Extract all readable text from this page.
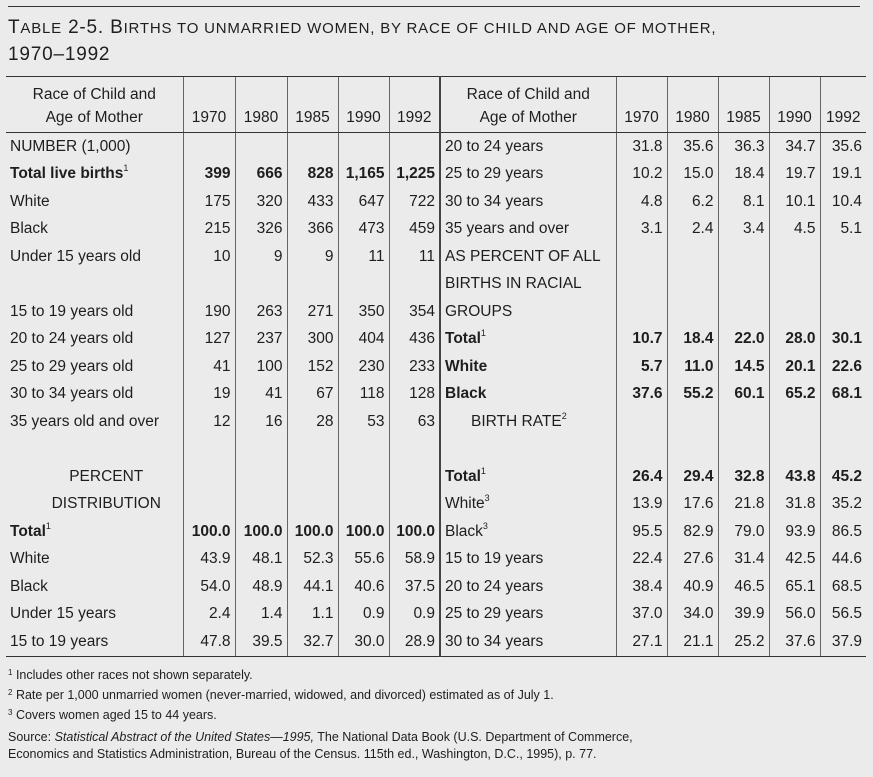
TABLE 2-5. BIRTHS TO UNMARRIED WOMEN, BY RACE OF CHILD AND AGE OF MOTHER,
1970–1992
Race of Child and
Age of Mother	1970	1980	1985	1990	1992	Race of Child and
Age of Mother	1970	1980	1985	1990	1992
NUMBER (1,000)						20 to 24 years	31.8	35.6	36.3	34.7	35.6
Total live births$^1$	399	666	828	1,165	1,225	25 to 29 years	10.2	15.0	18.4	19.7	19.1
White	175	320	433	647	722	30 to 34 years	4.8	6.2	8.1	10.1	10.4
Black	215	326	366	473	459	35 years and over	3.1	2.4	3.4	4.5	5.1
Under 15 years old	10	9	9	11	11	AS PERCENT OF ALL					
						BIRTHS IN RACIAL					
15 to 19 years old	190	263	271	350	354	GROUPS					
20 to 24 years old	127	237	300	404	436	Total$^1$	10.7	18.4	22.0	28.0	30.1
25 to 29 years old	41	100	152	230	233	White	5.7	11.0	14.5	20.1	22.6
30 to 34 years old	19	41	67	118	128	Black	37.6	55.2	60.1	65.2	68.1
35 years old and over	12	16	28	53	63	BIRTH RATE$^2$					

PERCENT						Total$^1$	26.4	29.4	32.8	43.8	45.2
DISTRIBUTION						White$^3$	13.9	17.6	21.8	31.8	35.2
Total$^1$	100.0	100.0	100.0	100.0	100.0	Black$^3$	95.5	82.9	79.0	93.9	86.5
White	43.9	48.1	52.3	55.6	58.9	15 to 19 years	22.4	27.6	31.4	42.5	44.6
Black	54.0	48.9	44.1	40.6	37.5	20 to 24 years	38.4	40.9	46.5	65.1	68.5
Under 15 years	2.4	1.4	1.1	0.9	0.9	25 to 29 years	37.0	34.0	39.9	56.0	56.5
15 to 19 years	47.8	39.5	32.7	30.0	28.9	30 to 34 years	27.1	21.1	25.2	37.6	37.9
$^1$ Includes other races not shown separately.
$^2$ Rate per 1,000 unmarried women (never-married, widowed, and divorced) estimated as of July 1.
$^3$ Covers women aged 15 to 44 years.
Source: Statistical Abstract of the United States—1995, The National Data Book (U.S. Department of Commerce,
Economics and Statistics Administration, Bureau of the Census. 115th ed., Washington, D.C., 1995), p. 77.
